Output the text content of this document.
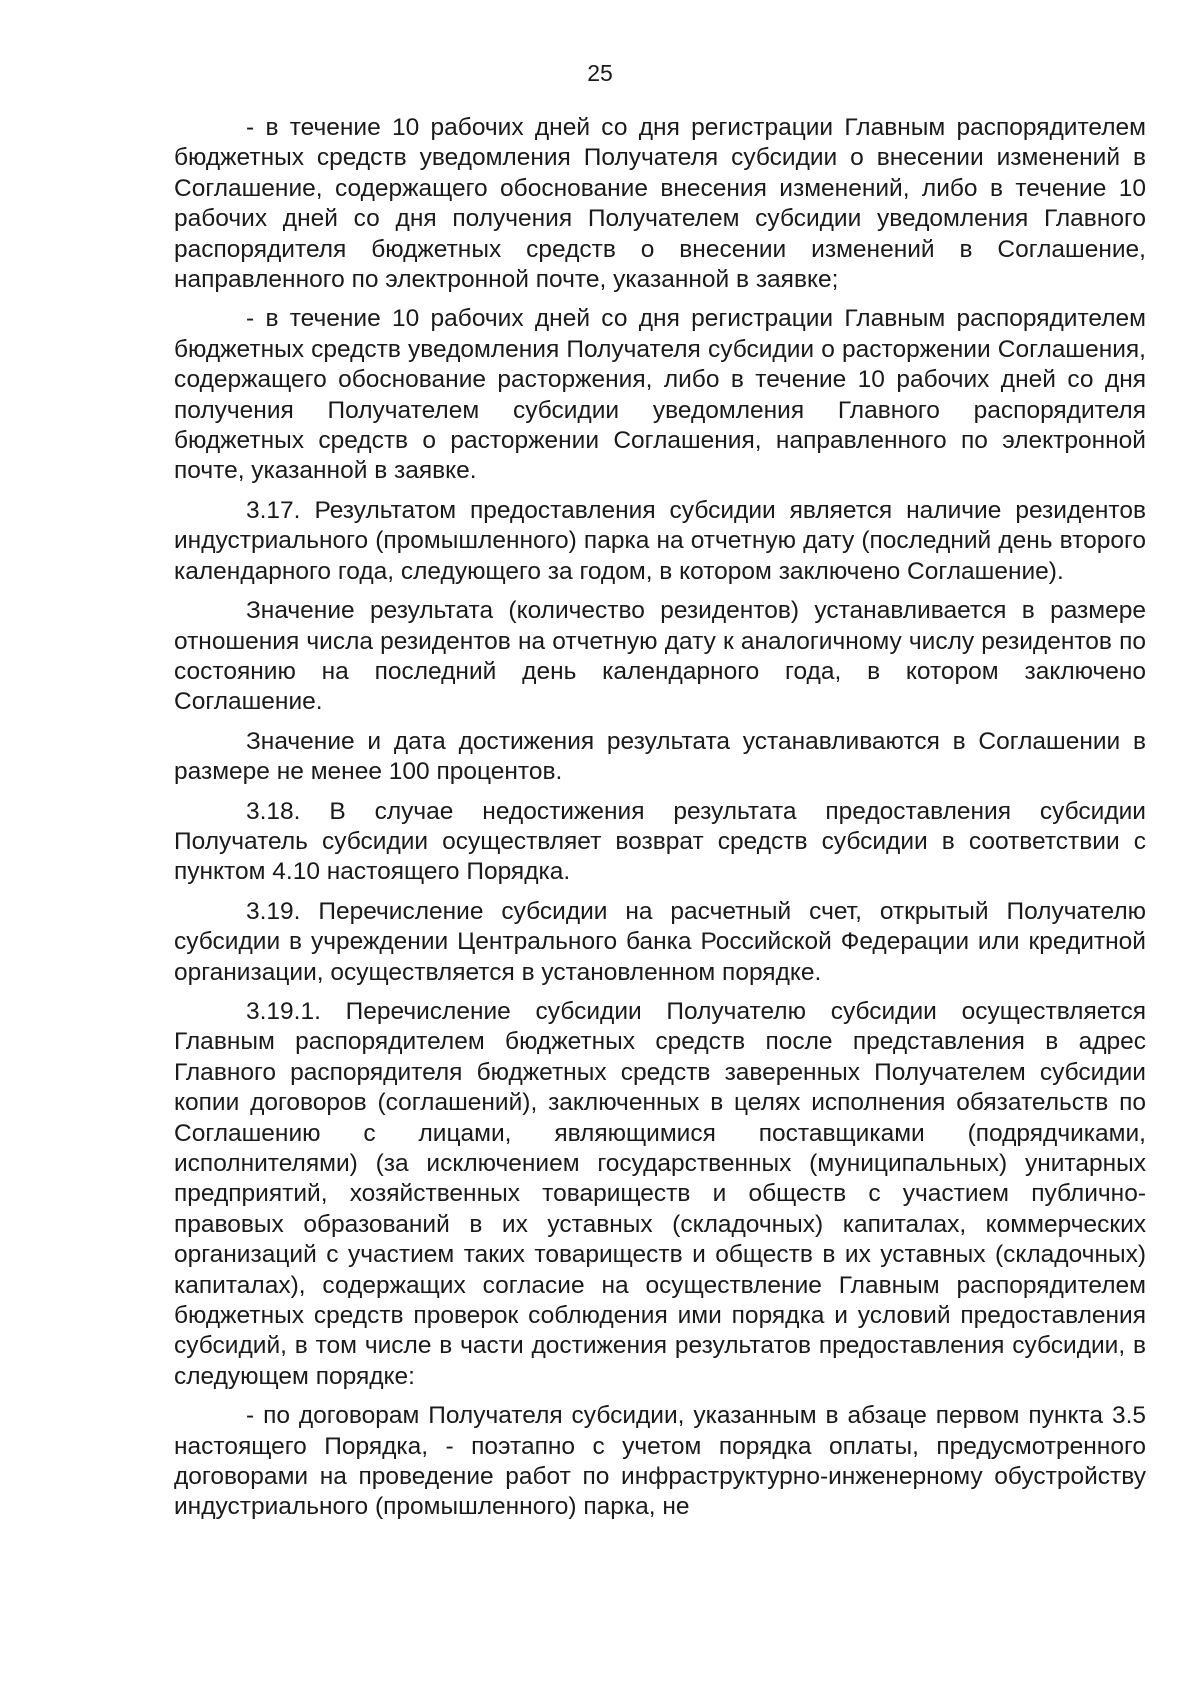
25

- в течение 10 рабочих дней со дня регистрации Главным распорядителем бюджетных средств уведомления Получателя субсидии о внесении изменений в Соглашение, содержащего обоснование внесения изменений, либо в течение 10 рабочих дней со дня получения Получателем субсидии уведомления Главного распорядителя бюджетных средств о внесении изменений в Соглашение, направленного по электронной почте, указанной в заявке;

- в течение 10 рабочих дней со дня регистрации Главным распорядителем бюджетных средств уведомления Получателя субсидии о расторжении Соглашения, содержащего обоснование расторжения, либо в течение 10 рабочих дней со дня получения Получателем субсидии уведомления Главного распорядителя бюджетных средств о расторжении Соглашения, направленного по электронной почте, указанной в заявке.

3.17. Результатом предоставления субсидии является наличие резидентов индустриального (промышленного) парка на отчетную дату (последний день второго календарного года, следующего за годом, в котором заключено Соглашение).

Значение результата (количество резидентов) устанавливается в размере отношения числа резидентов на отчетную дату к аналогичному числу резидентов по состоянию на последний день календарного года, в котором заключено Соглашение.

Значение и дата достижения результата устанавливаются в Соглашении в размере не менее 100 процентов.

3.18. В случае недостижения результата предоставления субсидии Получатель субсидии осуществляет возврат средств субсидии в соответствии с пунктом 4.10 настоящего Порядка.

3.19. Перечисление субсидии на расчетный счет, открытый Получателю субсидии в учреждении Центрального банка Российской Федерации или кредитной организации, осуществляется в установленном порядке.

3.19.1. Перечисление субсидии Получателю субсидии осуществляется Главным распорядителем бюджетных средств после представления в адрес Главного распорядителя бюджетных средств заверенных Получателем субсидии копии договоров (соглашений), заключенных в целях исполнения обязательств по Соглашению с лицами, являющимися поставщиками (подрядчиками, исполнителями) (за исключением государственных (муниципальных) унитарных предприятий, хозяйственных товариществ и обществ с участием публично-правовых образований в их уставных (складочных) капиталах, коммерческих организаций с участием таких товариществ и обществ в их уставных (складочных) капиталах), содержащих согласие на осуществление Главным распорядителем бюджетных средств проверок соблюдения ими порядка и условий предоставления субсидий, в том числе в части достижения результатов предоставления субсидии, в следующем порядке:

- по договорам Получателя субсидии, указанным в абзаце первом пункта 3.5 настоящего Порядка, - поэтапно с учетом порядка оплаты, предусмотренного договорами на проведение работ по инфраструктурно-инженерному обустройству индустриального (промышленного) парка, не
